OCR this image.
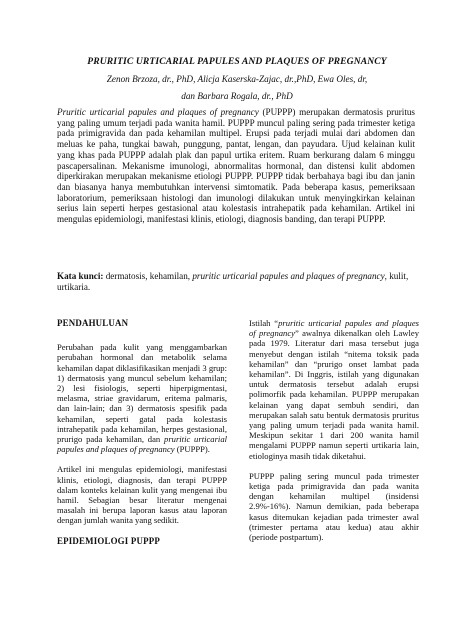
PRURITIC URTICARIAL PAPULES AND PLAQUES OF PREGNANCY
Zenon Brzoza, dr., PhD, Alicja Kaserska-Zajac, dr.,PhD, Ewa Oles, dr,
dan Barbara Rogala, dr., PhD

Pruritic urticarial papules and plaques of pregnancy (PUPPP) merupakan dermatosis pruritus yang paling umum terjadi pada wanita hamil. PUPPP muncul paling sering pada trimester ketiga pada primigravida dan pada kehamilan multipel. Erupsi pada terjadi mulai dari abdomen dan meluas ke paha, tungkai bawah, punggung, pantat, lengan, dan payudara. Ujud kelainan kulit yang khas pada PUPPP adalah plak dan papul urtika eritem. Ruam berkurang dalam 6 minggu pascapersalinan. Mekanisme imunologi, abnormalitas hormonal, dan distensi kulit abdomen diperkirakan merupakan mekanisme etiologi PUPPP. PUPPP tidak berbahaya bagi ibu dan janin dan biasanya hanya membutuhkan intervensi simtomatik. Pada beberapa kasus, pemeriksaan laboratorium, pemeriksaan histologi dan imunologi dilakukan untuk menyingkirkan kelainan serius lain seperti herpes gestasional atau kolestasis intrahepatik pada kehamilan. Artikel ini mengulas epidemiologi, manifestasi klinis, etiologi, diagnosis banding, dan terapi PUPPP.

Kata kunci: dermatosis, kehamilan, pruritic urticarial papules and plaques of pregnancy, kulit, urtikaria.

PENDAHULUAN

Perubahan pada kulit yang menggambarkan perubahan hormonal dan metabolik selama kehamilan dapat diklasifikasikan menjadi 3 grup: 1) dermatosis yang muncul sebelum kehamilan; 2) lesi fisiologis, seperti hiperpigmentasi, melasma, striae gravidarum, eritema palmaris, dan lain-lain; dan 3) dermatosis spesifik pada kehamilan, seperti gatal pada kolestasis intrahepatik pada kehamilan, herpes gestasional, prurigo pada kehamilan, dan pruritic urticarial papules and plaques of pregnancy (PUPPP).

Artikel ini mengulas epidemiologi, manifestasi klinis, etiologi, diagnosis, dan terapi PUPPP dalam konteks kelainan kulit yang mengenai ibu hamil. Sebagian besar literatur mengenai masalah ini berupa laporan kasus atau laporan dengan jumlah wanita yang sedikit.

EPIDEMIOLOGI PUPPP

Istilah “pruritic urticarial papules and plaques of pregnancy” awalnya dikenalkan oleh Lawley pada 1979. Literatur dari masa tersebut juga menyebut dengan istilah “nitema toksik pada kehamilan” dan “prurigo onset lambat pada kehamilan”. Di Inggris, istilah yang digunakan untuk dermatosis tersebut adalah erupsi polimorfik pada kehamilan. PUPPP merupakan kelainan yang dapat sembuh sendiri, dan merupakan salah satu bentuk dermatosis pruritus yang paling umum terjadi pada wanita hamil. Meskipun sekitar 1 dari 200 wanita hamil mengalami PUPPP namun seperti urtikaria lain, etiologinya masih tidak diketahui.

PUPPP paling sering muncul pada trimester ketiga pada primigravida dan pada wanita dengan kehamilan multipel (insidensi 2.9%-16%). Namun demikian, pada beberapa kasus ditemukan kejadian pada trimester awal (trimester pertama atau kedua) atau akhir (periode postpartum).
